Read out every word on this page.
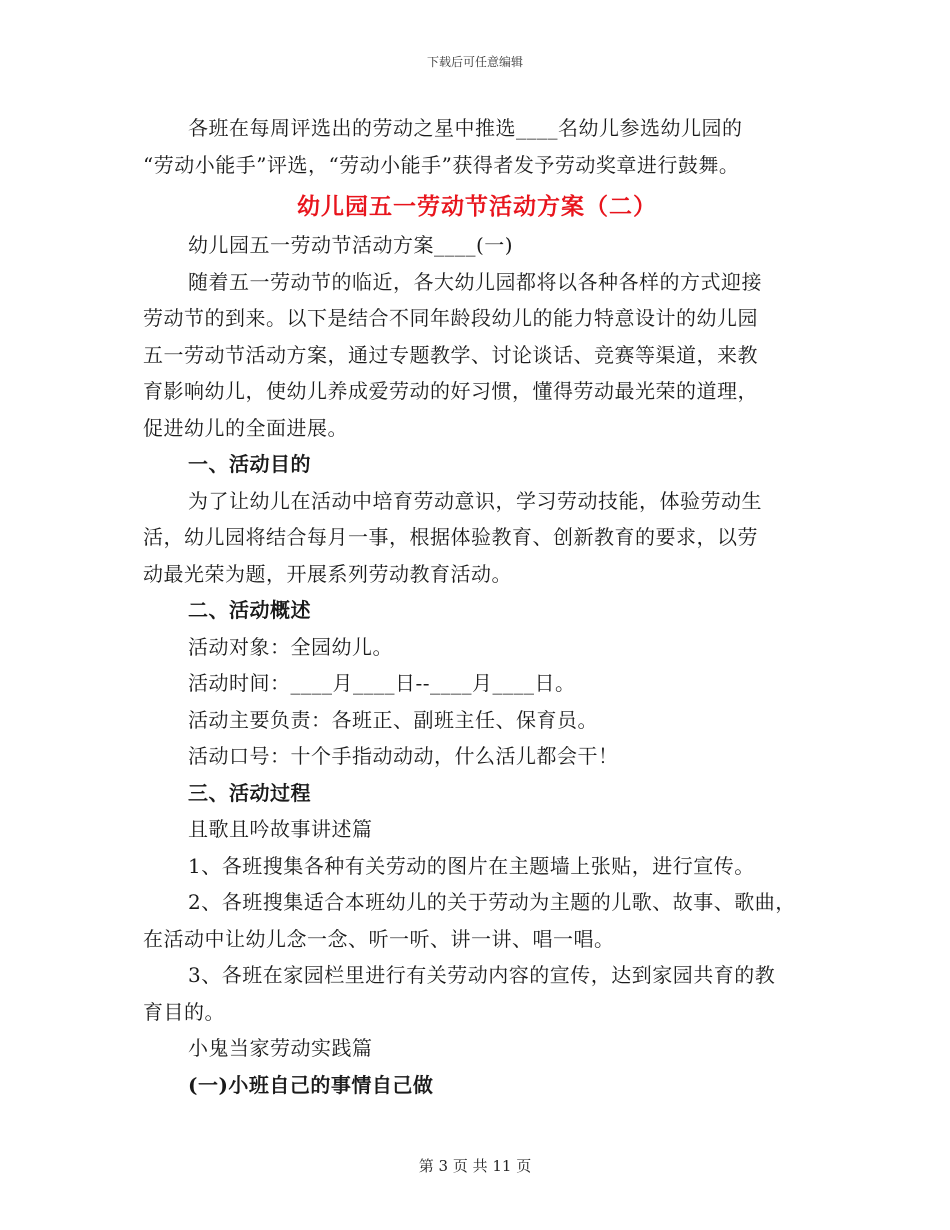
下载后可任意编辑
各班在每周评选出的劳动之星中推选____名幼儿参选幼儿园的
“劳动小能手”评选，“劳动小能手”获得者发予劳动奖章进行鼓舞。
幼儿园五一劳动节活动方案（二）
幼儿园五一劳动节活动方案____(一)
随着五一劳动节的临近，各大幼儿园都将以各种各样的方式迎接
劳动节的到来。以下是结合不同年龄段幼儿的能力特意设计的幼儿园
五一劳动节活动方案，通过专题教学、讨论谈话、竞赛等渠道，来教
育影响幼儿，使幼儿养成爱劳动的好习惯，懂得劳动最光荣的道理，
促进幼儿的全面进展。
一、活动目的
为了让幼儿在活动中培育劳动意识，学习劳动技能，体验劳动生
活，幼儿园将结合每月一事，根据体验教育、创新教育的要求，以劳
动最光荣为题，开展系列劳动教育活动。
二、活动概述
活动对象：全园幼儿。
活动时间：____月____日--____月____日。
活动主要负责：各班正、副班主任、保育员。
活动口号：十个手指动动动，什么活儿都会干！
三、活动过程
且歌且吟故事讲述篇
1、各班搜集各种有关劳动的图片在主题墙上张贴，进行宣传。
2、各班搜集适合本班幼儿的关于劳动为主题的儿歌、故事、歌曲，
在活动中让幼儿念一念、听一听、讲一讲、唱一唱。
3、各班在家园栏里进行有关劳动内容的宣传，达到家园共育的教
育目的。
小鬼当家劳动实践篇
(一)小班自己的事情自己做
第 3 页 共 11 页
